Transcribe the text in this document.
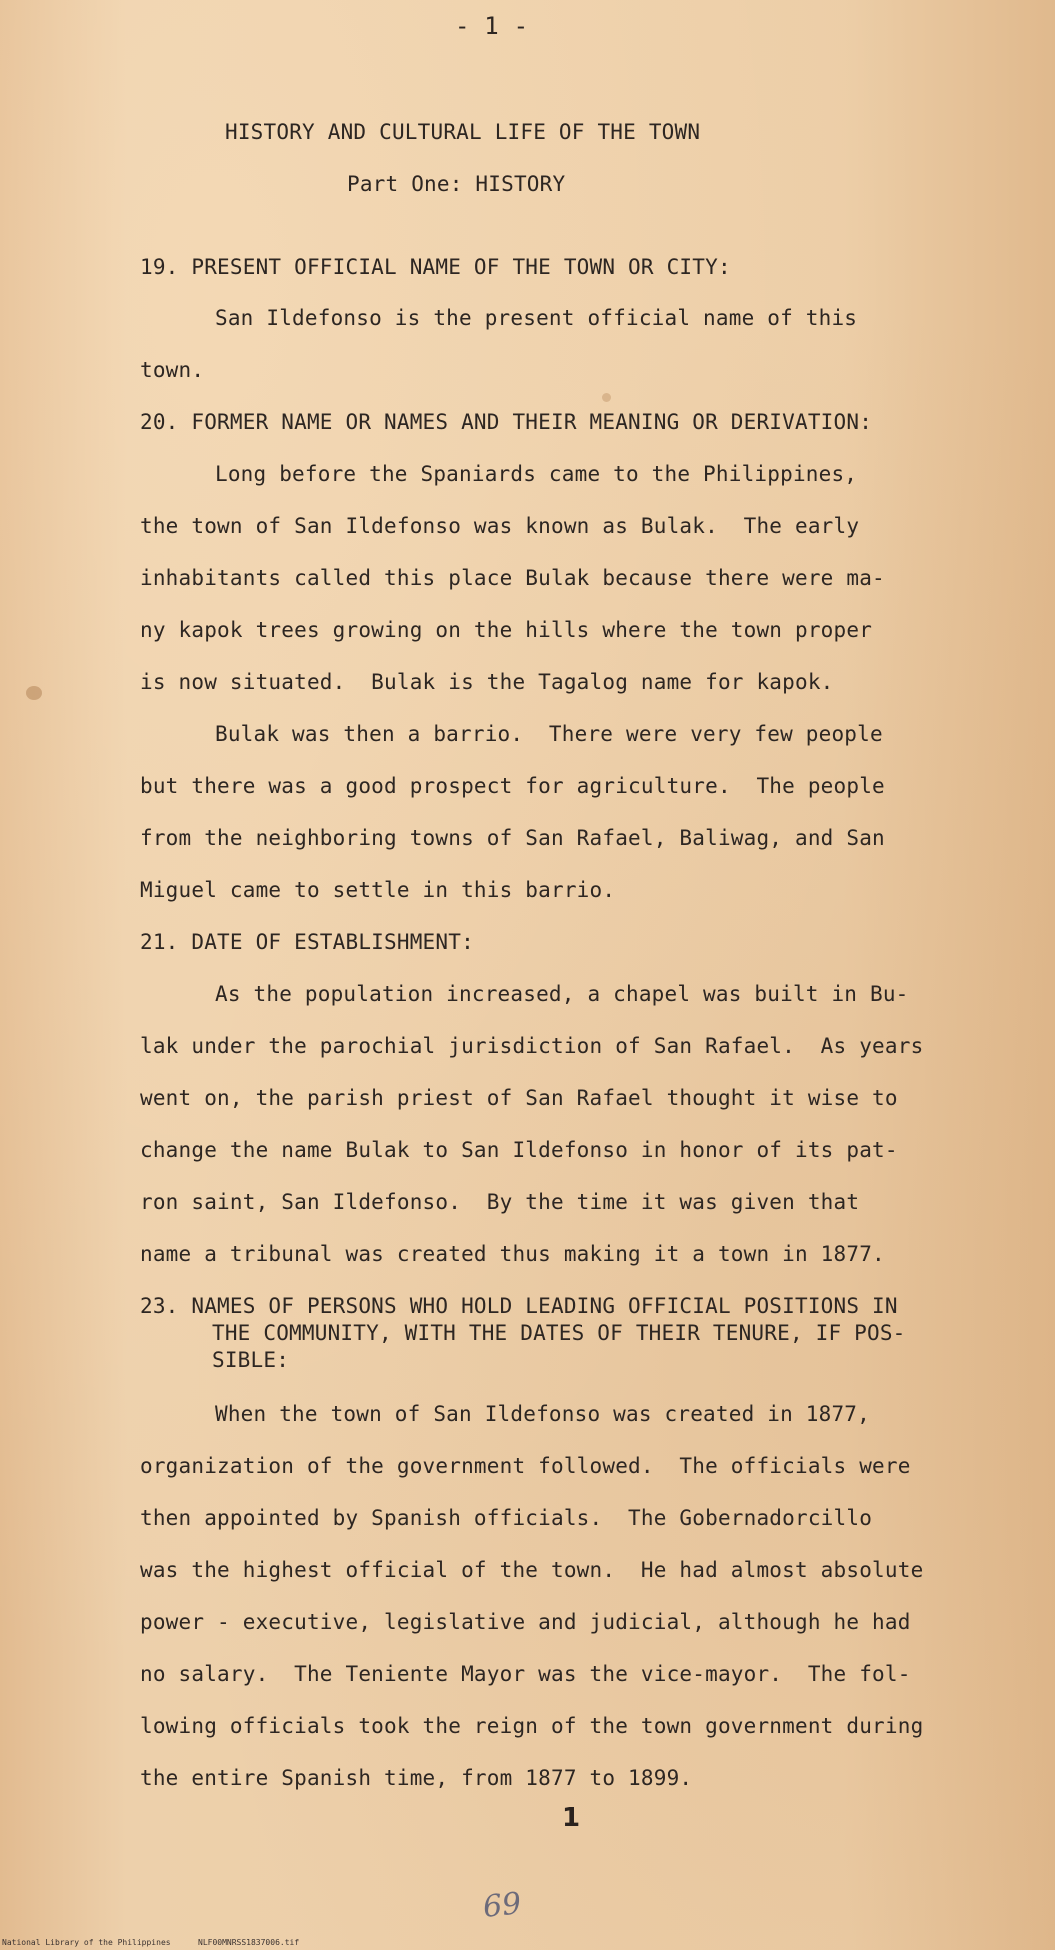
- 1 -
HISTORY AND CULTURAL LIFE OF THE TOWN
Part One: HISTORY
19. PRESENT OFFICIAL NAME OF THE TOWN OR CITY:
San Ildefonso is the present official name of this
town.
20. FORMER NAME OR NAMES AND THEIR MEANING OR DERIVATION:
Long before the Spaniards came to the Philippines,
the town of San Ildefonso was known as Bulak.  The early
inhabitants called this place Bulak because there were ma-
ny kapok trees growing on the hills where the town proper
is now situated.  Bulak is the Tagalog name for kapok.
Bulak was then a barrio.  There were very few people
but there was a good prospect for agriculture.  The people
from the neighboring towns of San Rafael, Baliwag, and San
Miguel came to settle in this barrio.
21. DATE OF ESTABLISHMENT:
As the population increased, a chapel was built in Bu-
lak under the parochial jurisdiction of San Rafael.  As years
went on, the parish priest of San Rafael thought it wise to
change the name Bulak to San Ildefonso in honor of its pat-
ron saint, San Ildefonso.  By the time it was given that
name a tribunal was created thus making it a town in 1877.
23. NAMES OF PERSONS WHO HOLD LEADING OFFICIAL POSITIONS IN
THE COMMUNITY, WITH THE DATES OF THEIR TENURE, IF POS-
SIBLE:
When the town of San Ildefonso was created in 1877,
organization of the government followed.  The officials were
then appointed by Spanish officials.  The Gobernadorcillo
was the highest official of the town.  He had almost absolute
power - executive, legislative and judicial, although he had
no salary.  The Teniente Mayor was the vice-mayor.  The fol-
lowing officials took the reign of the town government during
the entire Spanish time, from 1877 to 1899.
1
69
National Library of the Philippines	NLF00MNRSS1837006.tif
